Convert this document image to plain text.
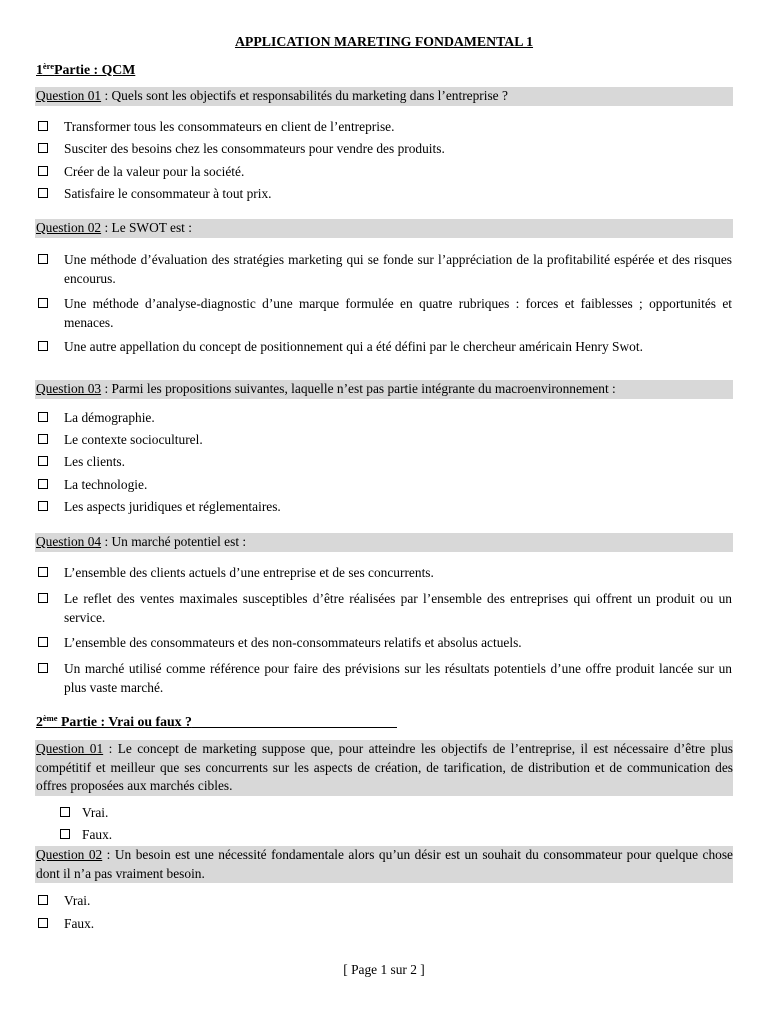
APPLICATION MARETING FONDAMENTAL 1
1èrePartie : QCM
Question 01 : Quels sont les objectifs et responsabilités du marketing dans l’entreprise ?
Transformer tous les consommateurs en client de l’entreprise.
Susciter des besoins chez les consommateurs pour vendre des produits.
Créer de la valeur pour la société.
Satisfaire le consommateur à tout prix.
Question 02 : Le SWOT est :
Une méthode d’évaluation des stratégies marketing qui se fonde sur l’appréciation de la profitabilité espérée et des risques encourus.
Une méthode d’analyse-diagnostic d’une marque formulée en quatre rubriques : forces et faiblesses ; opportunités et menaces.
Une autre appellation du concept de positionnement qui a été défini par le chercheur américain Henry Swot.
Question 03 : Parmi les propositions suivantes, laquelle n’est pas partie intégrante du macroenvironnement :
La démographie.
Le contexte socioculturel.
Les clients.
La technologie.
Les aspects juridiques et réglementaires.
Question 04 : Un marché potentiel est :
L’ensemble des clients actuels d’une entreprise et de ses concurrents.
Le reflet des ventes maximales susceptibles d’être réalisées par l’ensemble des entreprises qui offrent un produit ou un service.
L’ensemble des consommateurs et des non-consommateurs relatifs et absolus actuels.
Un marché utilisé comme référence pour faire des prévisions sur les résultats potentiels d’une offre produit lancée sur un plus vaste marché.
2ème Partie : Vrai ou faux ?
Question 01 : Le concept de marketing suppose que, pour atteindre les objectifs de l’entreprise, il est nécessaire d’être plus compétitif et meilleur que ses concurrents sur les aspects de création, de tarification, de distribution et de communication des offres proposées aux marchés cibles.
Vrai.
Faux.
Question 02 : Un besoin est une nécessité fondamentale alors qu’un désir est un souhait du consommateur pour quelque chose dont il n’a pas vraiment besoin.
Vrai.
Faux.
[ Page 1 sur 2 ]
